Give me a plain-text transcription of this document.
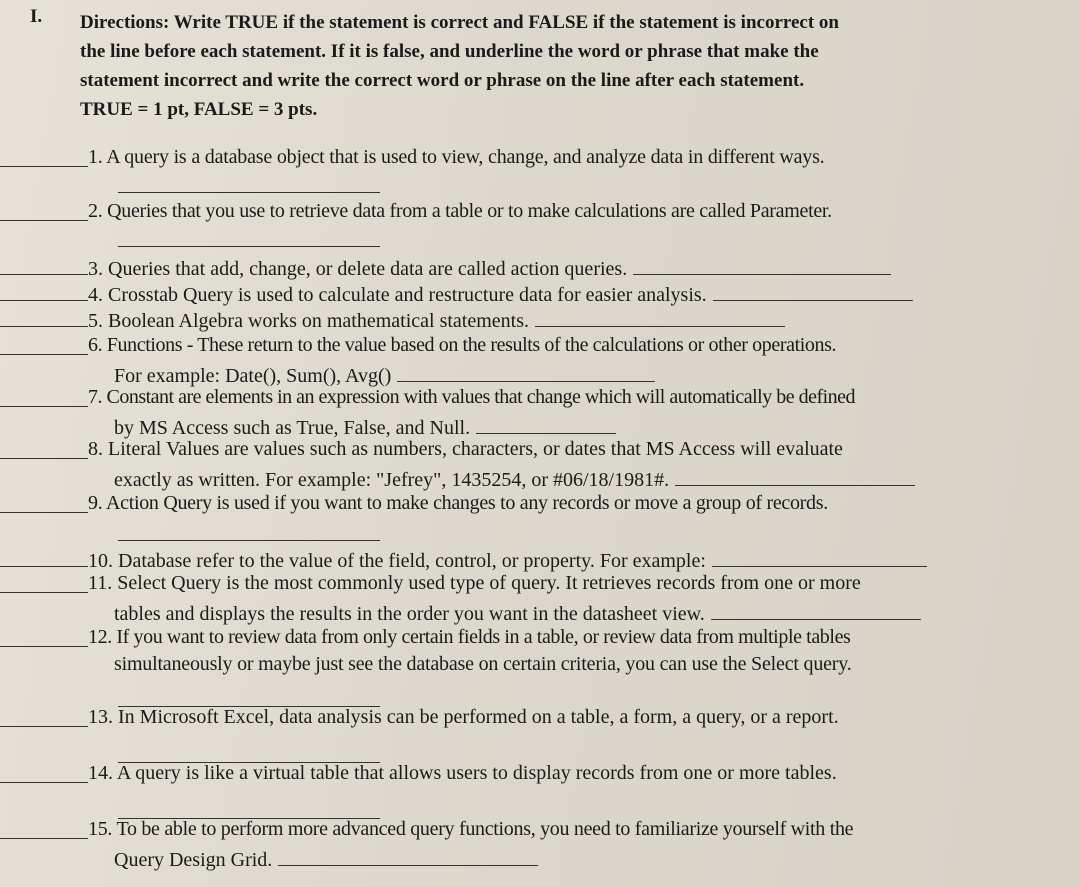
I. Directions: Write TRUE if the statement is correct and FALSE if the statement is incorrect on
the line before each statement. If it is false, and underline the word or phrase that make the
statement incorrect and write the correct word or phrase on the line after each statement.
TRUE = 1 pt, FALSE = 3 pts.
1. A query is a database object that is used to view, change, and analyze data in different ways.
2. Queries that you use to retrieve data from a table or to make calculations are called Parameter.
3. Queries that add, change, or delete data are called action queries.
4. Crosstab Query is used to calculate and restructure data for easier analysis.
5. Boolean Algebra works on mathematical statements.
6. Functions - These return to the value based on the results of the calculations or other operations.
For example: Date(), Sum(), Avg()
7. Constant are elements in an expression with values that change which will automatically be defined
by MS Access such as True, False, and Null.
8. Literal Values are values such as numbers, characters, or dates that MS Access will evaluate
exactly as written. For example: "Jefrey", 1435254, or #06/18/1981#.
9. Action Query is used if you want to make changes to any records or move a group of records.
10. Database refer to the value of the field, control, or property. For example:
11. Select Query is the most commonly used type of query. It retrieves records from one or more
tables and displays the results in the order you want in the datasheet view.
12. If you want to review data from only certain fields in a table, or review data from multiple tables
simultaneously or maybe just see the database on certain criteria, you can use the Select query.
13. In Microsoft Excel, data analysis can be performed on a table, a form, a query, or a report.
14. A query is like a virtual table that allows users to display records from one or more tables.
15. To be able to perform more advanced query functions, you need to familiarize yourself with the
Query Design Grid.
